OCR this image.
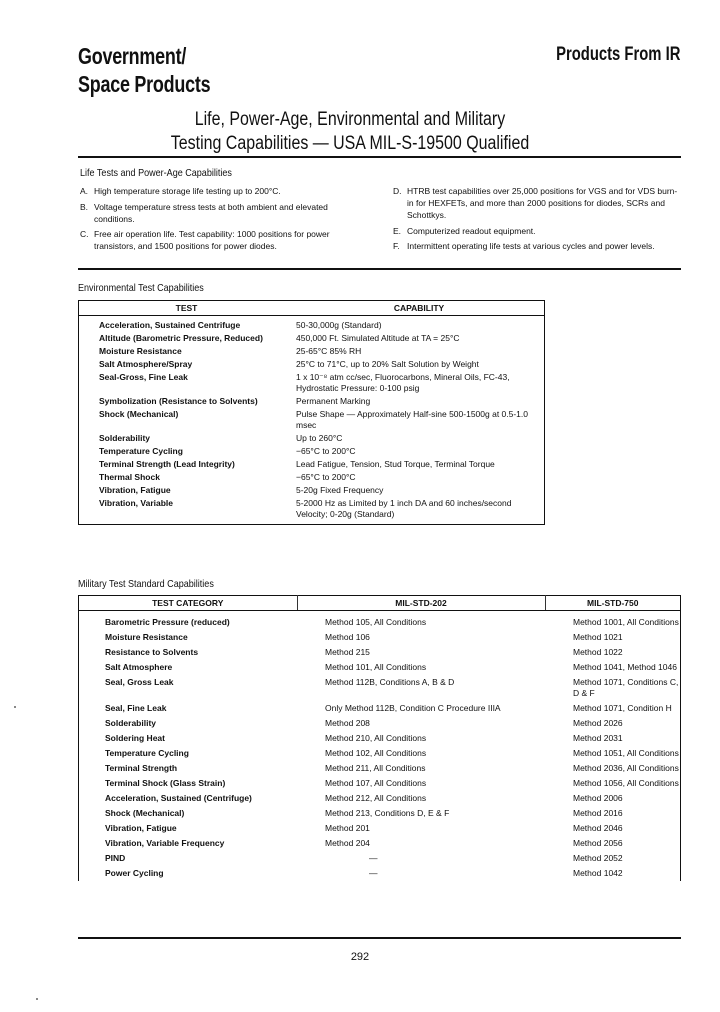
Government/
Space Products
Products From IR
Life, Power-Age, Environmental and Military
Testing Capabilities — USA MIL-S-19500 Qualified
Life Tests and Power-Age Capabilities
A. High temperature storage life testing up to 200°C.
B. Voltage temperature stress tests at both ambient and elevated conditions.
C. Free air operation life. Test capability: 1000 positions for power transistors, and 1500 positions for power diodes.
D. HTRB test capabilities over 25,000 positions for VGS and for VDS burn-in for HEXFETs, and more than 2000 positions for diodes, SCRs and Schottkys.
E. Computerized readout equipment.
F. Intermittent operating life tests at various cycles and power levels.
Environmental Test Capabilities
TEST	CAPABILITY
Acceleration, Sustained Centrifuge	50-30,000g (Standard)
Altitude (Barometric Pressure, Reduced)	450,000 Ft. Simulated Altitude at TA = 25°C
Moisture Resistance	25-65°C 85% RH
Salt Atmosphere/Spray	25°C to 71°C, up to 20% Salt Solution by Weight
Seal-Gross, Fine Leak	1 x 10⁻⁸ atm cc/sec, Fluorocarbons, Mineral Oils, FC-43, Hydrostatic Pressure: 0-100 psig
Symbolization (Resistance to Solvents)	Permanent Marking
Shock (Mechanical)	Pulse Shape — Approximately Half-sine 500-1500g at 0.5-1.0 msec
Solderability	Up to 260°C
Temperature Cycling	−65°C to 200°C
Terminal Strength (Lead Integrity)	Lead Fatigue, Tension, Stud Torque, Terminal Torque
Thermal Shock	−65°C to 200°C
Vibration, Fatigue	5-20g Fixed Frequency
Vibration, Variable	5-2000 Hz as Limited by 1 inch DA and 60 inches/second Velocity; 0-20g (Standard)
Military Test Standard Capabilities
TEST CATEGORY	MIL-STD-202	MIL-STD-750
Barometric Pressure (reduced)	Method 105, All Conditions	Method 1001, All Conditions
Moisture Resistance	Method 106	Method 1021
Resistance to Solvents	Method 215	Method 1022
Salt Atmosphere	Method 101, All Conditions	Method 1041, Method 1046
Seal, Gross Leak	Method 112B, Conditions A, B & D	Method 1071, Conditions C, D & F
Seal, Fine Leak	Only Method 112B, Condition C Procedure IIIA	Method 1071, Condition H
Solderability	Method 208	Method 2026
Soldering Heat	Method 210, All Conditions	Method 2031
Temperature Cycling	Method 102, All Conditions	Method 1051, All Conditions
Terminal Strength	Method 211, All Conditions	Method 2036, All Conditions
Terminal Shock (Glass Strain)	Method 107, All Conditions	Method 1056, All Conditions
Acceleration, Sustained (Centrifuge)	Method 212, All Conditions	Method 2006
Shock (Mechanical)	Method 213, Conditions D, E & F	Method 2016
Vibration, Fatigue	Method 201	Method 2046
Vibration, Variable Frequency	Method 204	Method 2056
PIND	—	Method 2052
Power Cycling	—	Method 1042
292
